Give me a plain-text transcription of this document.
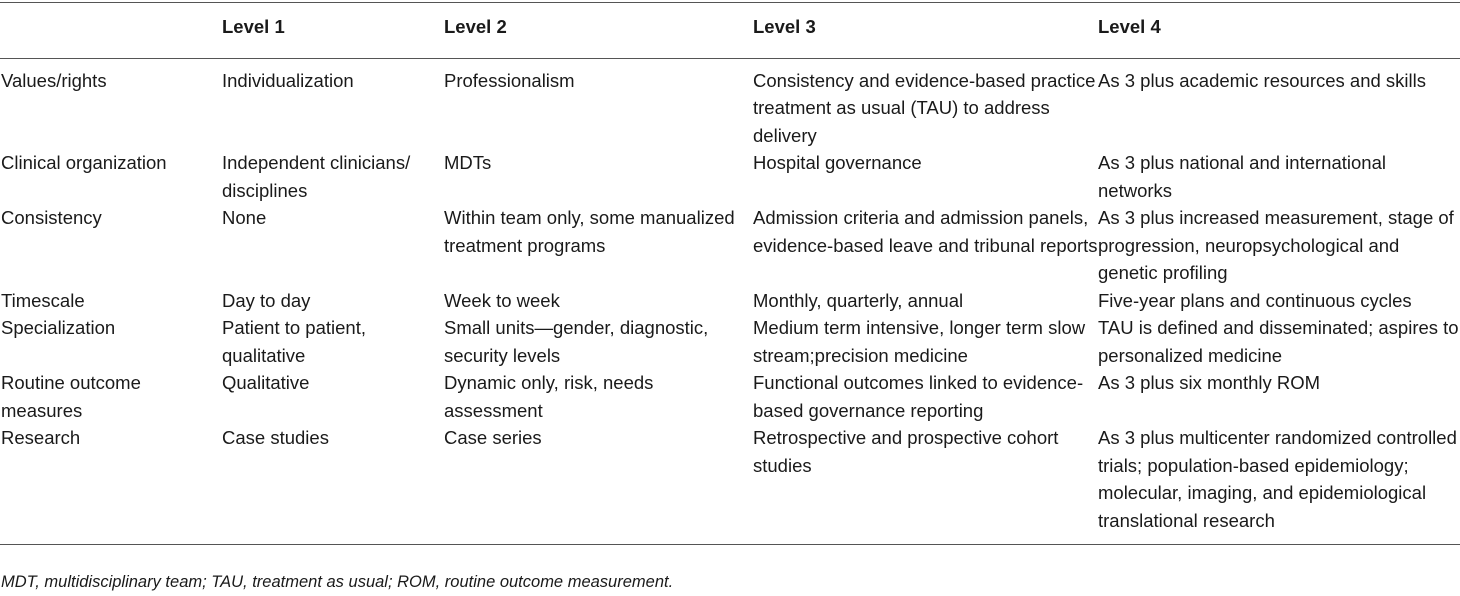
	Level 1	Level 2	Level 3	Level 4
Values/rights	Individualization	Professionalism	Consistency and evidence-based practice treatment as usual (TAU) to address delivery	As 3 plus academic resources and skills
Clinical organization	Independent clinicians/ disciplines	MDTs	Hospital governance	As 3 plus national and international networks
Consistency	None	Within team only, some manualized treatment programs	Admission criteria and admission panels, evidence-based leave and tribunal reports	As 3 plus increased measurement, stage of progression, neuropsychological and genetic profiling
Timescale	Day to day	Week to week	Monthly, quarterly, annual	Five-year plans and continuous cycles
Specialization	Patient to patient, qualitative	Small units—gender, diagnostic, security levels	Medium term intensive, longer term slow stream;precision medicine	TAU is defined and disseminated; aspires to personalized medicine
Routine outcome measures	Qualitative	Dynamic only, risk, needs assessment	Functional outcomes linked to evidence-based governance reporting	As 3 plus six monthly ROM
Research	Case studies	Case series	Retrospective and prospective cohort studies	As 3 plus multicenter randomized controlled trials; population-based epidemiology; molecular, imaging, and epidemiological translational research
MDT, multidisciplinary team; TAU, treatment as usual; ROM, routine outcome measurement.
